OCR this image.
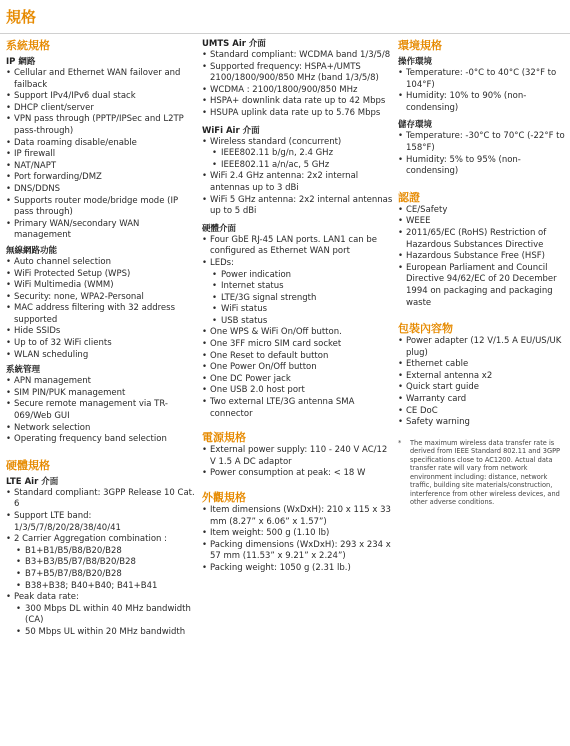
規格
系統規格
IP 網路
• Cellular and Ethernet WAN failover and failback
• Support IPv4/IPv6 dual stack
• DHCP client/server
• VPN pass through (PPTP/IPSec and L2TP pass-through)
• Data roaming disable/enable
• IP firewall
• NAT/NAPT
• Port forwarding/DMZ
• DNS/DDNS
• Supports router mode/bridge mode (IP pass through)
• Primary WAN/secondary WAN management
無線網路功能
• Auto channel selection
• WiFi Protected Setup (WPS)
• WiFi Multimedia (WMM)
• Security: none, WPA2-Personal
• MAC address filtering with 32 address supported
• Hide SSIDs
• Up to of 32 WiFi clients
• WLAN scheduling
系統管理
• APN management
• SIM PIN/PUK management
• Secure remote management via TR-069/Web GUI
• Network selection
• Operating frequency band selection
硬體規格
LTE Air 介面
• Standard compliant: 3GPP Release 10 Cat. 6
• Support LTE band: 1/3/5/7/8/20/28/38/40/41
• 2 Carrier Aggregation combination :
• B1+B1/B5/B8/B20/B28
• B3+B3/B5/B7/B8/B20/B28
• B7+B5/B7/B8/B20/B28
• B38+B38; B40+B40; B41+B41
• Peak data rate:
• 300 Mbps DL within 40 MHz bandwidth (CA)
• 50 Mbps UL within 20 MHz bandwidth
UMTS Air 介面
• Standard compliant: WCDMA band 1/3/5/8
• Supported frequency: HSPA+/UMTS 2100/1800/900/850 MHz (band 1/3/5/8)
• WCDMA : 2100/1800/900/850 MHz
• HSPA+ downlink data rate up to 42 Mbps
• HSUPA uplink data rate up to 5.76 Mbps
WiFi Air 介面
• Wireless standard (concurrent)
• IEEE802.11 b/g/n, 2.4 GHz
• IEEE802.11 a/n/ac, 5 GHz
• WiFi 2.4 GHz antenna: 2x2 internal antennas up to 3 dBi
• WiFi 5 GHz antenna: 2x2 internal antennas up to 5 dBi
硬體介面
• Four GbE RJ-45 LAN ports. LAN1 can be configured as Ethernet WAN port
• LEDs:
• Power indication
• Internet status
• LTE/3G signal strength
• WiFi status
• USB status
• One WPS & WiFi On/Off button.
• One 3FF micro SIM card socket
• One Reset to default button
• One Power On/Off button
• One DC Power jack
• One USB 2.0 host port
• Two external LTE/3G antenna SMA connector
電源規格
• External power supply: 110 - 240 V AC/12 V 1.5 A DC adaptor
• Power consumption at peak: < 18 W
外觀規格
• Item dimensions (WxDxH): 210 x 115 x 33 mm (8.27” x 6.06” x 1.57”)
• Item weight: 500 g (1.10 lb)
• Packing dimensions (WxDxH): 293 x 234 x 57 mm (11.53” x 9.21” x 2.24”)
• Packing weight: 1050 g (2.31 lb.)
環境規格
操作環境
• Temperature: -0°C to 40°C (32°F to 104°F)
• Humidity: 10% to 90% (non-condensing)
儲存環境
• Temperature: -30°C to 70°C (-22°F to 158°F)
• Humidity: 5% to 95% (non-condensing)
認證
• CE/Safety
• WEEE
• 2011/65/EC (RoHS) Restriction of Hazardous Substances Directive
• Hazardous Substance Free (HSF)
• European Parliament and Council Directive 94/62/EC of 20 December 1994 on packaging and packaging waste
包裝內容物
• Power adapter (12 V/1.5 A EU/US/UK plug)
• Ethernet cable
• External antenna x2
• Quick start guide
• Warranty card
• CE DoC
• Safety warning
* The maximum wireless data transfer rate is derived from IEEE Standard 802.11 and 3GPP specifications close to AC1200. Actual data transfer rate will vary from network environment including: distance, network traffic, building site materials/construction, interference from other wireless devices, and other adverse conditions.
